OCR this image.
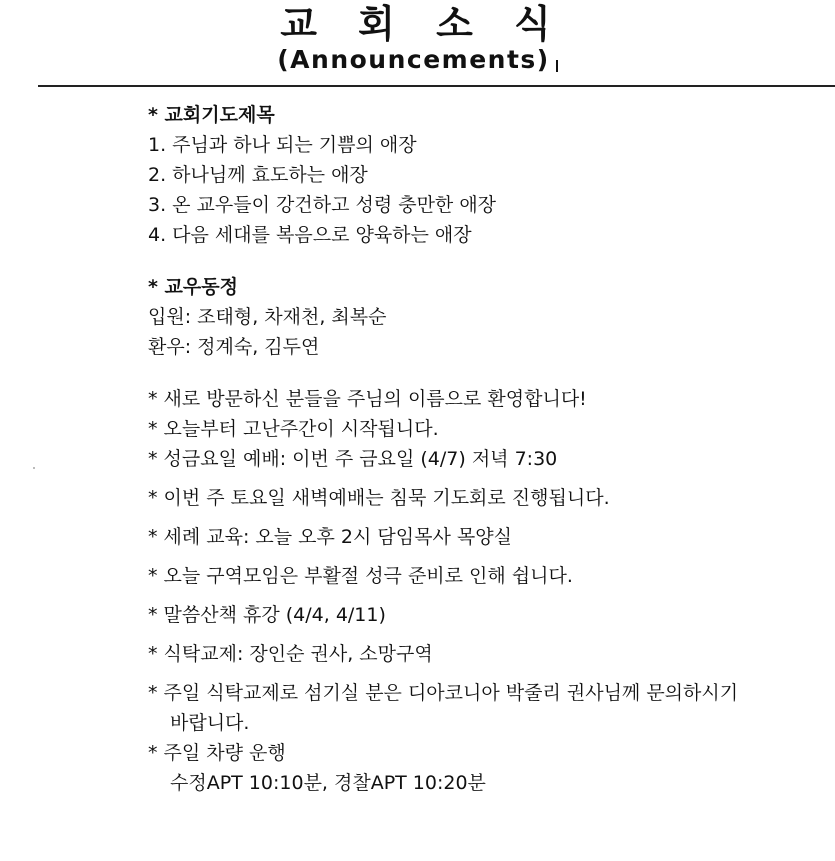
교 회 소 식
(Announcements)

* 교회기도제목

1. 주님과 하나 되는 기쁨의 애장

2. 하나님께 효도하는 애장

3. 온 교우들이 강건하고 성령 충만한 애장

4. 다음 세대를 복음으로 양육하는 애장

* 교우동정

입원: 조태형, 차재천, 최복순

환우: 정계숙, 김두연

* 새로 방문하신 분들을 주님의 이름으로 환영합니다!

* 오늘부터 고난주간이 시작됩니다.

* 성금요일 예배: 이번 주 금요일 (4/7) 저녁 7:30

* 이번 주 토요일 새벽예배는 침묵 기도회로 진행됩니다.

* 세례 교육: 오늘 오후 2시 담임목사 목양실

* 오늘 구역모임은 부활절 성극 준비로 인해 쉽니다.

* 말씀산책 휴강 (4/4, 4/11)

* 식탁교제: 장인순 권사, 소망구역

* 주일 식탁교제로 섬기실 분은 디아코니아 박줄리 권사님께 문의하시기

바랍니다.

* 주일 차량 운행

수정APT 10:10분, 경찰APT 10:20분
